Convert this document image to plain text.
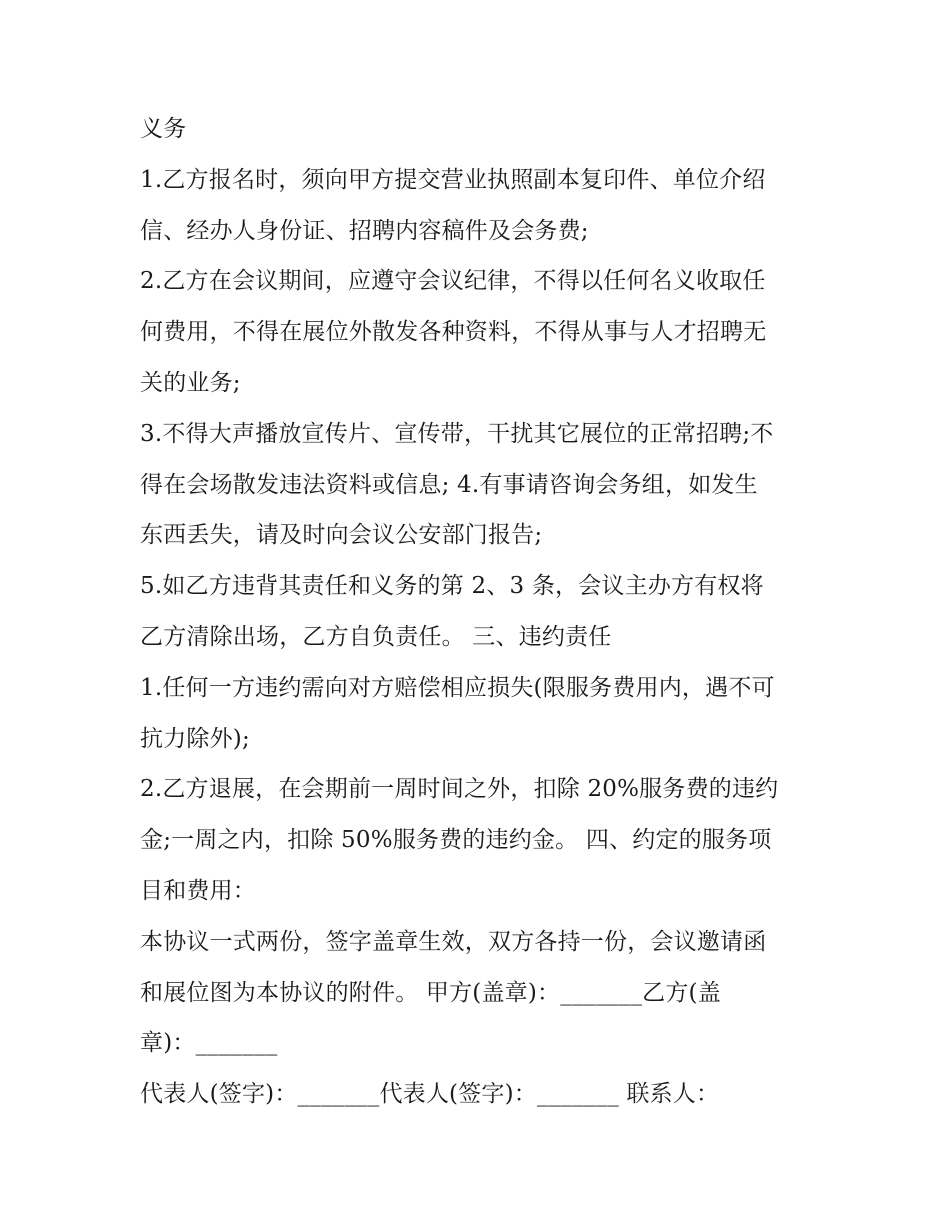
义务
1.乙方报名时，须向甲方提交营业执照副本复印件、单位介绍
信、经办人身份证、招聘内容稿件及会务费;
2.乙方在会议期间，应遵守会议纪律，不得以任何名义收取任
何费用，不得在展位外散发各种资料，不得从事与人才招聘无
关的业务;
3.不得大声播放宣传片、宣传带，干扰其它展位的正常招聘;不
得在会场散发违法资料或信息; 4.有事请咨询会务组，如发生
东西丢失，请及时向会议公安部门报告;
5.如乙方违背其责任和义务的第 2、3 条，会议主办方有权将
乙方清除出场，乙方自负责任。 三、违约责任
1.任何一方违约需向对方赔偿相应损失(限服务费用内，遇不可
抗力除外);
2.乙方退展，在会期前一周时间之外，扣除 20%服务费的违约
金;一周之内，扣除 50%服务费的违约金。 四、约定的服务项
目和费用：
本协议一式两份，签字盖章生效，双方各持一份，会议邀请函
和展位图为本协议的附件。 甲方(盖章)：_______乙方(盖
章)：_______
代表人(签字)：_______代表人(签字)：_______ 联系人：
